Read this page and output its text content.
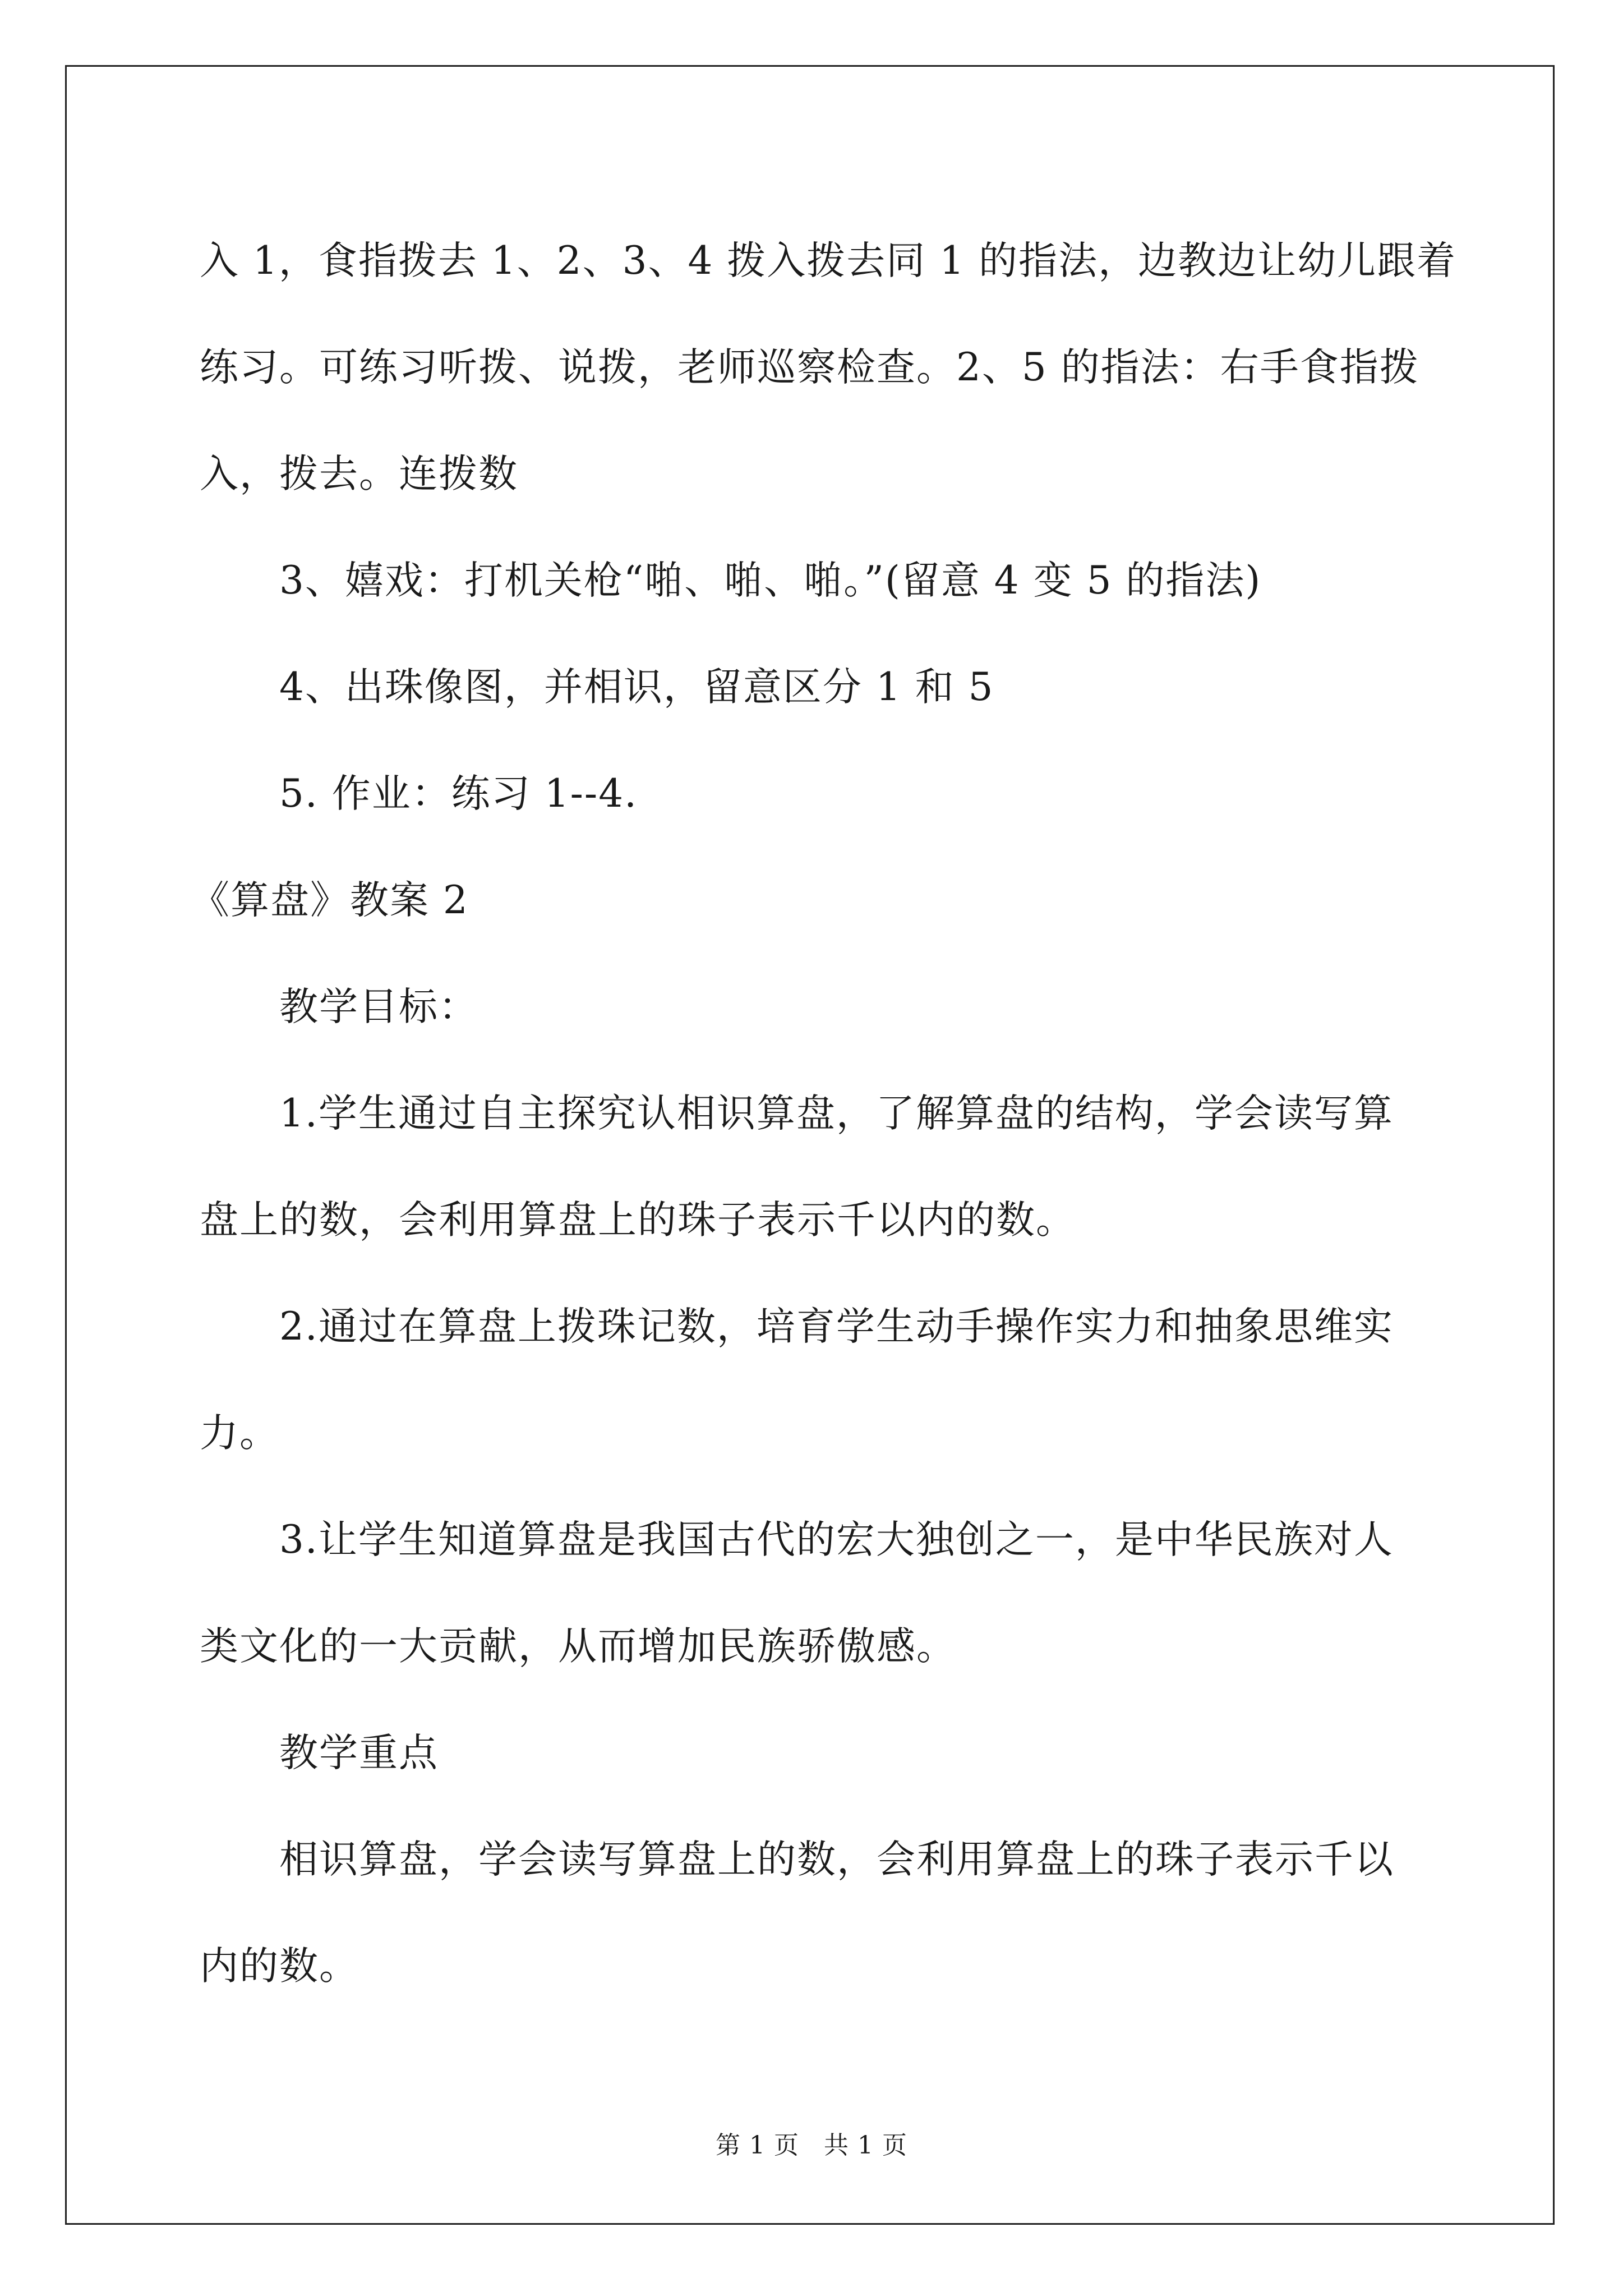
入 1，食指拨去 1、2、3、4 拨入拨去同 1 的指法，边教边让幼儿跟着

练习。可练习听拨、说拨，老师巡察检查。2、5 的指法：右手食指拨

入，拨去。连拨数

3、嬉戏：打机关枪“啪、啪、啪。”(留意 4 变 5 的指法)

4、出珠像图，并相识，留意区分 1 和 5

5. 作业：练习 1--4.

《算盘》教案 2

教学目标：

1.学生通过自主探究认相识算盘，了解算盘的结构，学会读写算

盘上的数，会利用算盘上的珠子表示千以内的数。

2.通过在算盘上拨珠记数，培育学生动手操作实力和抽象思维实

力。

3.让学生知道算盘是我国古代的宏大独创之一，是中华民族对人

类文化的一大贡献，从而增加民族骄傲感。

教学重点

相识算盘，学会读写算盘上的数，会利用算盘上的珠子表示千以

内的数。

第 1 页 共 1 页
